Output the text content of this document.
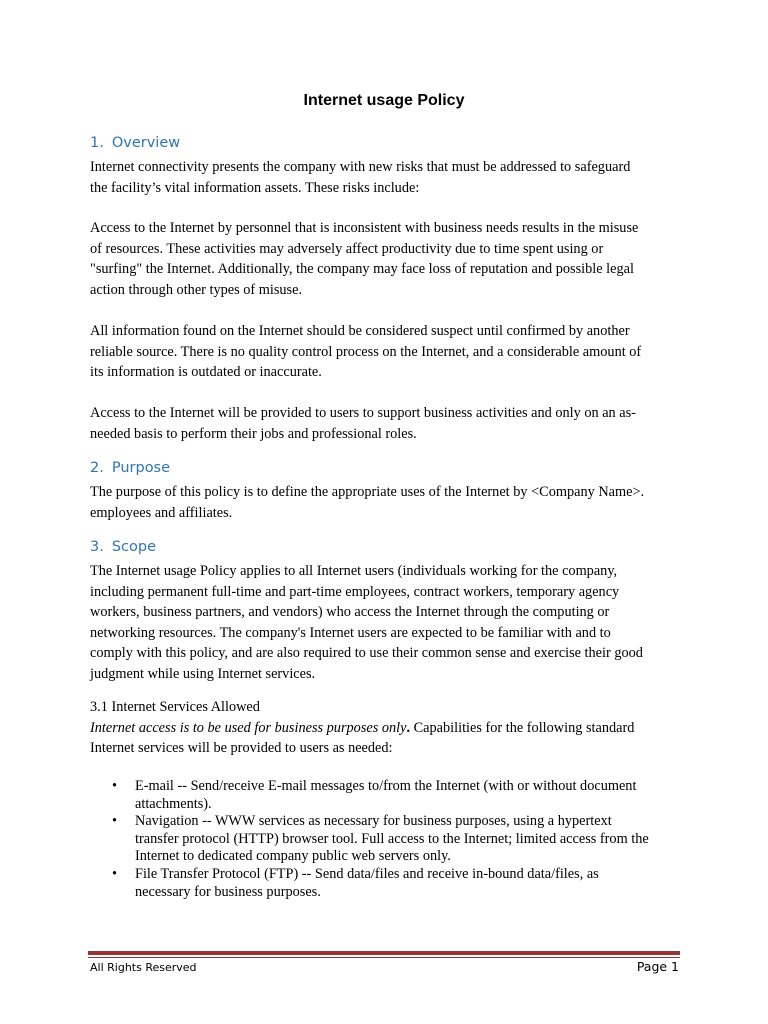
Internet usage Policy
1. Overview
Internet connectivity presents the company with new risks that must be addressed to safeguard
the facility’s vital information assets. These risks include:
Access to the Internet by personnel that is inconsistent with business needs results in the misuse
of resources. These activities may adversely affect productivity due to time spent using or
"surfing" the Internet. Additionally, the company may face loss of reputation and possible legal
action through other types of misuse.
All information found on the Internet should be considered suspect until confirmed by another
reliable source. There is no quality control process on the Internet, and a considerable amount of
its information is outdated or inaccurate.
Access to the Internet will be provided to users to support business activities and only on an as-
needed basis to perform their jobs and professional roles.
2. Purpose
The purpose of this policy is to define the appropriate uses of the Internet by <Company Name>.
employees and affiliates.
3. Scope
The Internet usage Policy applies to all Internet users (individuals working for the company,
including permanent full-time and part-time employees, contract workers, temporary agency
workers, business partners, and vendors) who access the Internet through the computing or
networking resources. The company's Internet users are expected to be familiar with and to
comply with this policy, and are also required to use their common sense and exercise their good
judgment while using Internet services.
3.1 Internet Services Allowed
Internet access is to be used for business purposes only. Capabilities for the following standard
Internet services will be provided to users as needed:
• E-mail -- Send/receive E-mail messages to/from the Internet (with or without document
attachments).
• Navigation -- WWW services as necessary for business purposes, using a hypertext
transfer protocol (HTTP) browser tool. Full access to the Internet; limited access from the
Internet to dedicated company public web servers only.
• File Transfer Protocol (FTP) -- Send data/files and receive in-bound data/files, as
necessary for business purposes.
All Rights Reserved	Page 1
